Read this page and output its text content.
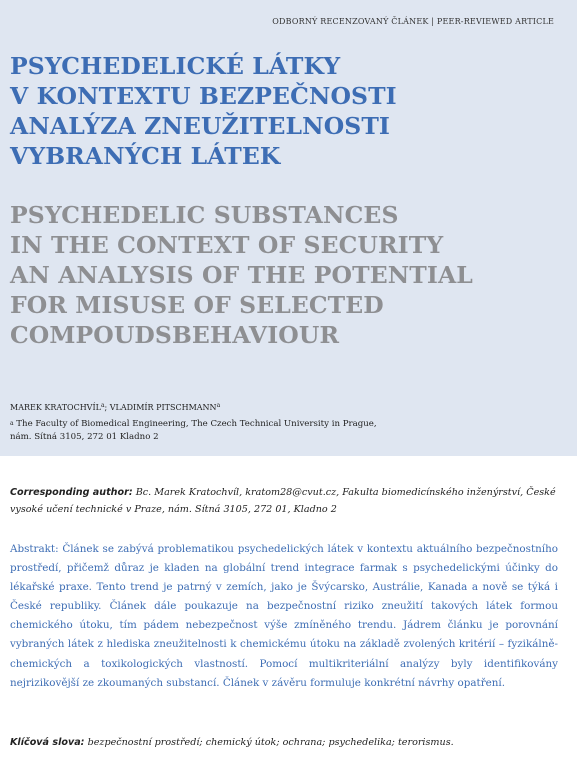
ODBORNÝ RECENZOVANÝ ČLÁNEK | PEER-REVIEWED ARTICLE
PSYCHEDELICKÉ LÁTKY
V KONTEXTU BEZPEČNOSTI
ANALÝZA ZNEUŽITELNOSTI
VYBRANÝCH LÁTEK
PSYCHEDELIC SUBSTANCES
IN THE CONTEXT OF SECURITY
AN ANALYSIS OF THE POTENTIAL
FOR MISUSE OF SELECTED
COMPOUDSBEHAVIOUR
MAREK KRATOCHVÍL$^a$; VLADIMÍR PITSCHMANN$^a$
$^a$ The Faculty of Biomedical Engineering, The Czech Technical University in Prague,
nám. Sítná 3105, 272 01 Kladno 2
Corresponding author: Bc. Marek Kratochvíl, kratom28@cvut.cz, Fakulta biomedicínského inženýrství, České vysoké učení technické v Praze, nám. Sítná 3105, 272 01, Kladno 2
Abstrakt: Článek se zabývá problematikou psychedelických látek v kontextu aktuálního bezpečnostního prostředí, přičemž důraz je kladen na globální trend integrace farmak s psychedelickými účinky do lékařské praxe. Tento trend je patrný v zemích, jako je Švýcarsko, Austrálie, Kanada a nově se týká i České republiky. Článek dále poukazuje na bezpečnostní riziko zneužití takových látek formou chemického útoku, tím pádem nebezpečnost výše zmíněného trendu. Jádrem článku je porovnání vybraných látek z hlediska zneužitelnosti k chemickému útoku na základě zvolených kritérií – fyzikálně-chemických a toxikologických vlastností. Pomocí multikriteriální analýzy byly identifikovány nejrizikovější ze zkoumaných substancí. Článek v závěru formuluje konkrétní návrhy opatření.
Klíčová slova: bezpečnostní prostředí; chemický útok; ochrana; psychedelika; terorismus.
